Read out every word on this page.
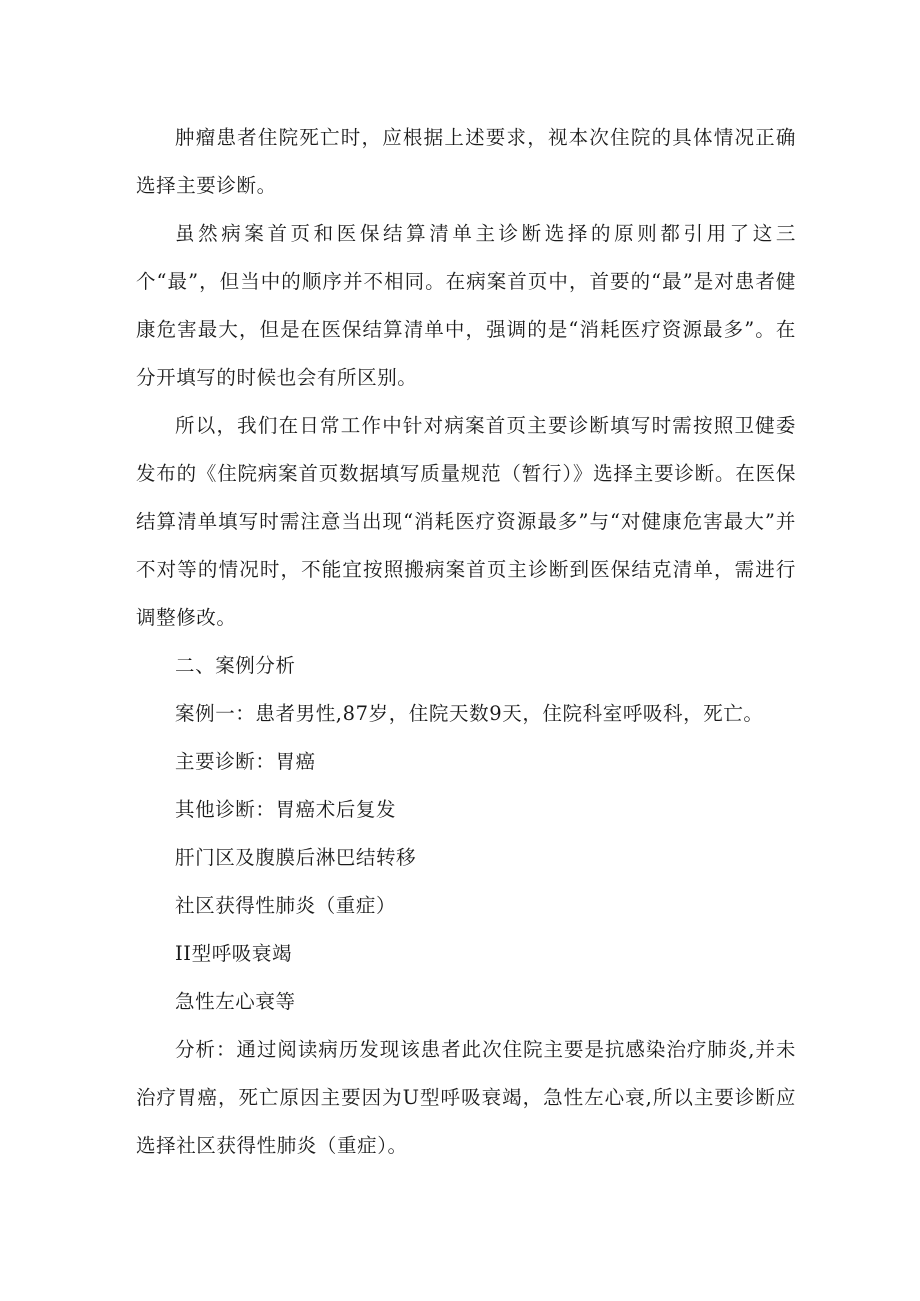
肿瘤患者住院死亡时，应根据上述要求，视本次住院的具体情况正确选择主要诊断。

虽然病案首页和医保结算清单主诊断选择的原则都引用了这三个“最”，但当中的顺序并不相同。在病案首页中，首要的“最”是对患者健康危害最大，但是在医保结算清单中，强调的是“消耗医疗资源最多”。在分开填写的时候也会有所区别。

所以，我们在日常工作中针对病案首页主要诊断填写时需按照卫健委发布的《住院病案首页数据填写质量规范（暂行）》选择主要诊断。在医保结算清单填写时需注意当出现“消耗医疗资源最多”与“对健康危害最大”并不对等的情况时，不能宜按照搬病案首页主诊断到医保结克清单，需进行调整修改。

二、案例分析

案例一：患者男性,87岁，住院天数9天，住院科室呼吸科，死亡。

主要诊断：胃癌

其他诊断：胃癌术后复发

肝门区及腹膜后淋巴结转移

社区获得性肺炎（重症）

II型呼吸衰竭

急性左心衰等

分析：通过阅读病历发现该患者此次住院主要是抗感染治疗肺炎,并未治疗胃癌，死亡原因主要因为U型呼吸衰竭，急性左心衰,所以主要诊断应选择社区获得性肺炎（重症）。
